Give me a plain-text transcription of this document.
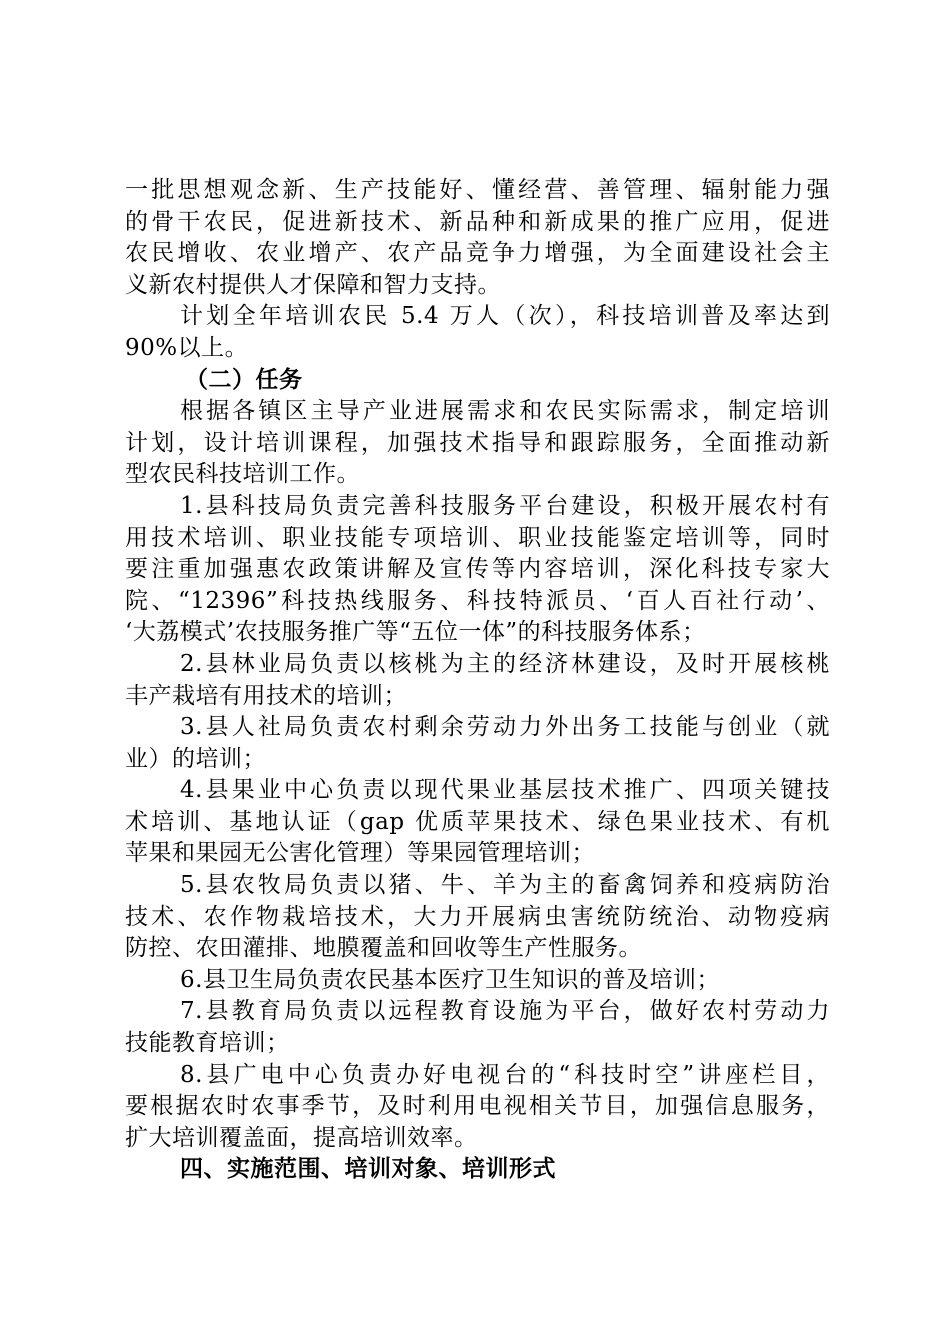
一批思想观念新、生产技能好、懂经营、善管理、辐射能力强
的骨干农民，促进新技术、新品种和新成果的推广应用，促进
农民增收、农业增产、农产品竞争力增强，为全面建设社会主
义新农村提供人才保障和智力支持。
计划全年培训农民 5.4 万人（次），科技培训普及率达到
90%以上。
（二）任务
根据各镇区主导产业进展需求和农民实际需求，制定培训
计划，设计培训课程，加强技术指导和跟踪服务，全面推动新
型农民科技培训工作。
1.县科技局负责完善科技服务平台建设，积极开展农村有
用技术培训、职业技能专项培训、职业技能鉴定培训等，同时
要注重加强惠农政策讲解及宣传等内容培训，深化科技专家大
院、“12396”科技热线服务、科技特派员、‘百人百社行动’、
‘大荔模式’农技服务推广等“五位一体”的科技服务体系；
2.县林业局负责以核桃为主的经济林建设，及时开展核桃
丰产栽培有用技术的培训；
3.县人社局负责农村剩余劳动力外出务工技能与创业（就
业）的培训；
4.县果业中心负责以现代果业基层技术推广、四项关键技
术培训、基地认证（gap 优质苹果技术、绿色果业技术、有机
苹果和果园无公害化管理）等果园管理培训；
5.县农牧局负责以猪、牛、羊为主的畜禽饲养和疫病防治
技术、农作物栽培技术，大力开展病虫害统防统治、动物疫病
防控、农田灌排、地膜覆盖和回收等生产性服务。
6.县卫生局负责农民基本医疗卫生知识的普及培训；
7.县教育局负责以远程教育设施为平台，做好农村劳动力
技能教育培训；
8.县广电中心负责办好电视台的“科技时空”讲座栏目，
要根据农时农事季节，及时利用电视相关节目，加强信息服务，
扩大培训覆盖面，提高培训效率。
四、实施范围、培训对象、培训形式
